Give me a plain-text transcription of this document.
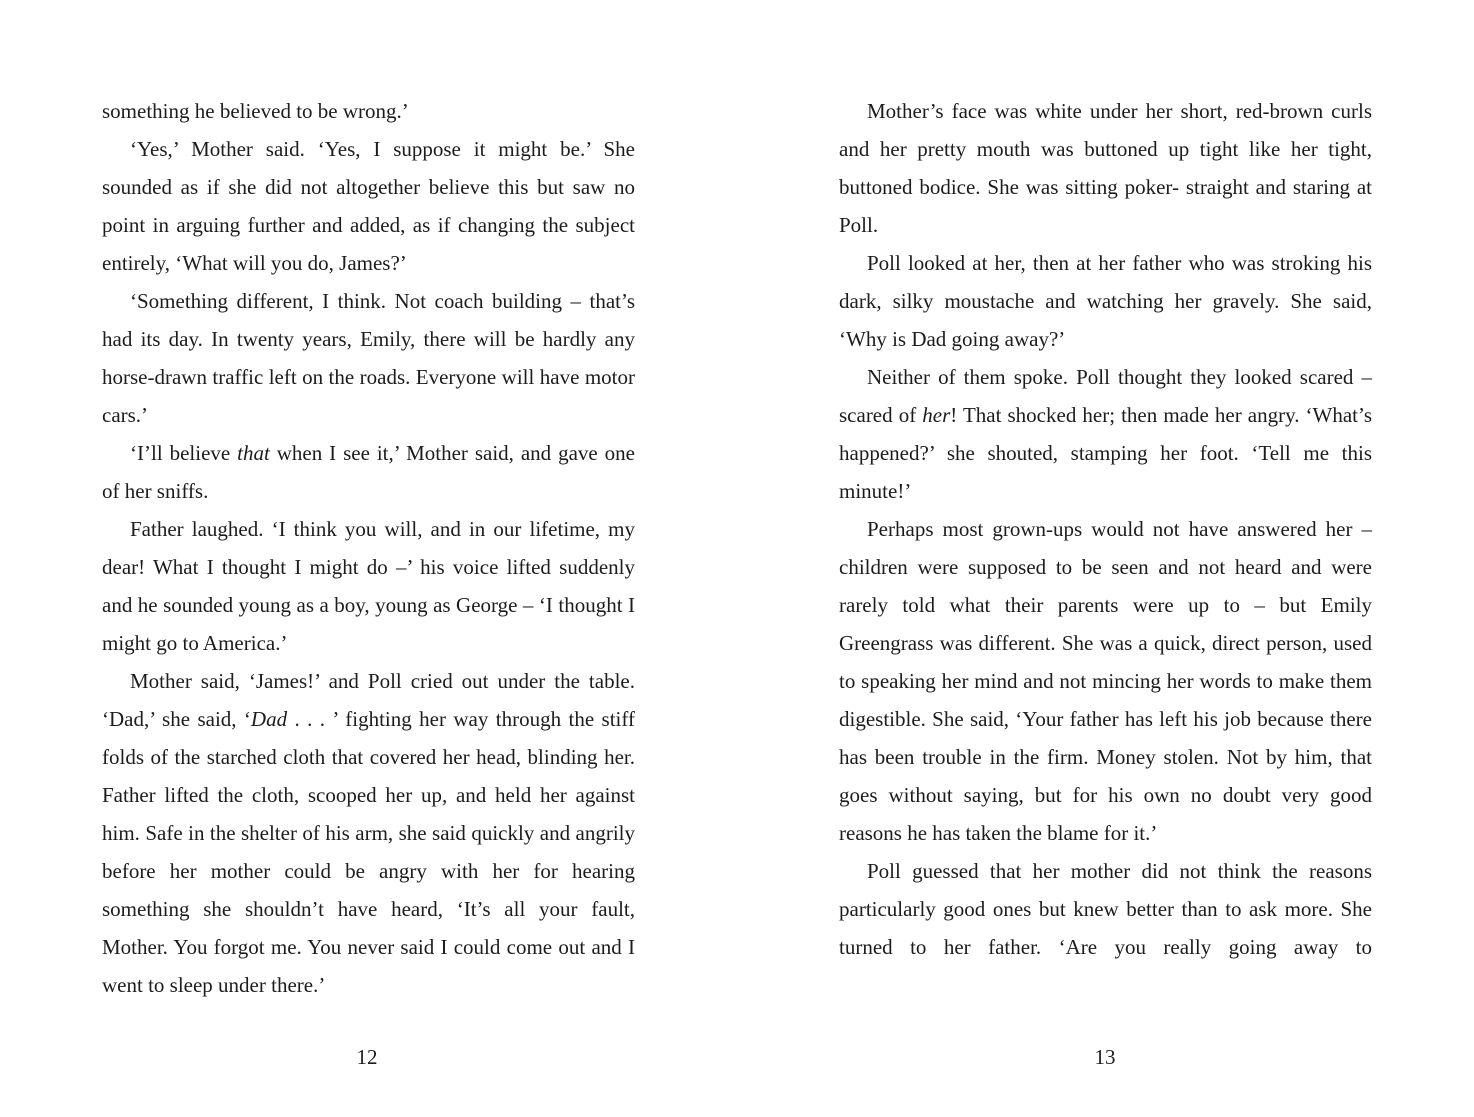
something he believed to be wrong.’

‘Yes,’ Mother said. ‘Yes, I suppose it might be.’ She sounded as if she did not altogether believe this but saw no point in arguing further and added, as if changing the subject entirely, ‘What will you do, James?’

‘Something different, I think. Not coach building – that’s had its day. In twenty years, Emily, there will be hardly any horse-drawn traffic left on the roads. Everyone will have motor cars.’

‘I’ll believe that when I see it,’ Mother said, and gave one of her sniffs.

Father laughed. ‘I think you will, and in our lifetime, my dear! What I thought I might do –’ his voice lifted suddenly and he sounded young as a boy, young as George – ‘I thought I might go to America.’

Mother said, ‘James!’ and Poll cried out under the table. ‘Dad,’ she said, ‘Dad . . . ’ fighting her way through the stiff folds of the starched cloth that covered her head, blinding her. Father lifted the cloth, scooped her up, and held her against him. Safe in the shelter of his arm, she said quickly and angrily before her mother could be angry with her for hearing something she shouldn’t have heard, ‘It’s all your fault, Mother. You forgot me. You never said I could come out and I went to sleep under there.’

12

Mother’s face was white under her short, red-brown curls and her pretty mouth was buttoned up tight like her tight, buttoned bodice. She was sitting poker- straight and staring at Poll.

Poll looked at her, then at her father who was stroking his dark, silky moustache and watching her gravely. She said, ‘Why is Dad going away?’

Neither of them spoke. Poll thought they looked scared – scared of her! That shocked her; then made her angry. ‘What’s happened?’ she shouted, stamping her foot. ‘Tell me this minute!’

Perhaps most grown-ups would not have answered her – children were supposed to be seen and not heard and were rarely told what their parents were up to – but Emily Greengrass was different. She was a quick, direct person, used to speaking her mind and not mincing her words to make them digestible. She said, ‘Your father has left his job because there has been trouble in the firm. Money stolen. Not by him, that goes without saying, but for his own no doubt very good reasons he has taken the blame for it.’

Poll guessed that her mother did not think the reasons particularly good ones but knew better than to ask more. She turned to her father. ‘Are you really going away to

13
